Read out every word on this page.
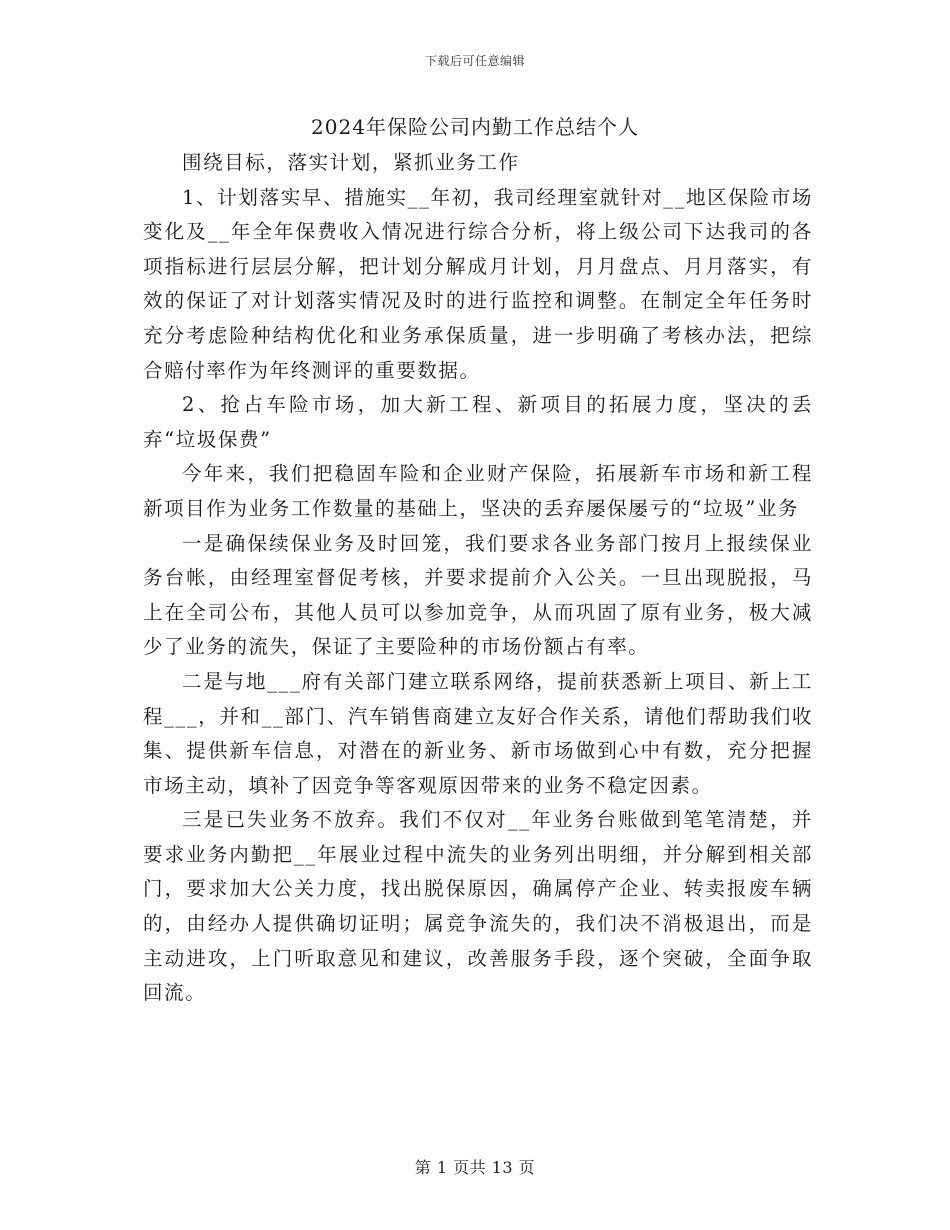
下载后可任意编辑
2024年保险公司内勤工作总结个人

围绕目标，落实计划，紧抓业务工作

1、计划落实早、措施实__年初，我司经理室就针对__地区保险市场变化及__年全年保费收入情况进行综合分析，将上级公司下达我司的各项指标进行层层分解，把计划分解成月计划，月月盘点、月月落实，有效的保证了对计划落实情况及时的进行监控和调整。在制定全年任务时充分考虑险种结构优化和业务承保质量，进一步明确了考核办法，把综合赔付率作为年终测评的重要数据。

2、抢占车险市场，加大新工程、新项目的拓展力度，坚决的丢弃“垃圾保费”

今年来，我们把稳固车险和企业财产保险，拓展新车市场和新工程新项目作为业务工作数量的基础上，坚决的丢弃屡保屡亏的“垃圾”业务

一是确保续保业务及时回笼，我们要求各业务部门按月上报续保业务台帐，由经理室督促考核，并要求提前介入公关。一旦出现脱报，马上在全司公布，其他人员可以参加竞争，从而巩固了原有业务，极大减少了业务的流失，保证了主要险种的市场份额占有率。

二是与地___府有关部门建立联系网络，提前获悉新上项目、新上工程___，并和__部门、汽车销售商建立友好合作关系，请他们帮助我们收集、提供新车信息，对潜在的新业务、新市场做到心中有数，充分把握市场主动，填补了因竞争等客观原因带来的业务不稳定因素。

三是已失业务不放弃。我们不仅对__年业务台账做到笔笔清楚，并要求业务内勤把__年展业过程中流失的业务列出明细，并分解到相关部门，要求加大公关力度，找出脱保原因，确属停产企业、转卖报废车辆的，由经办人提供确切证明；属竞争流失的，我们决不消极退出，而是主动进攻，上门听取意见和建议，改善服务手段，逐个突破，全面争取回流。

第 1 页共 13 页
